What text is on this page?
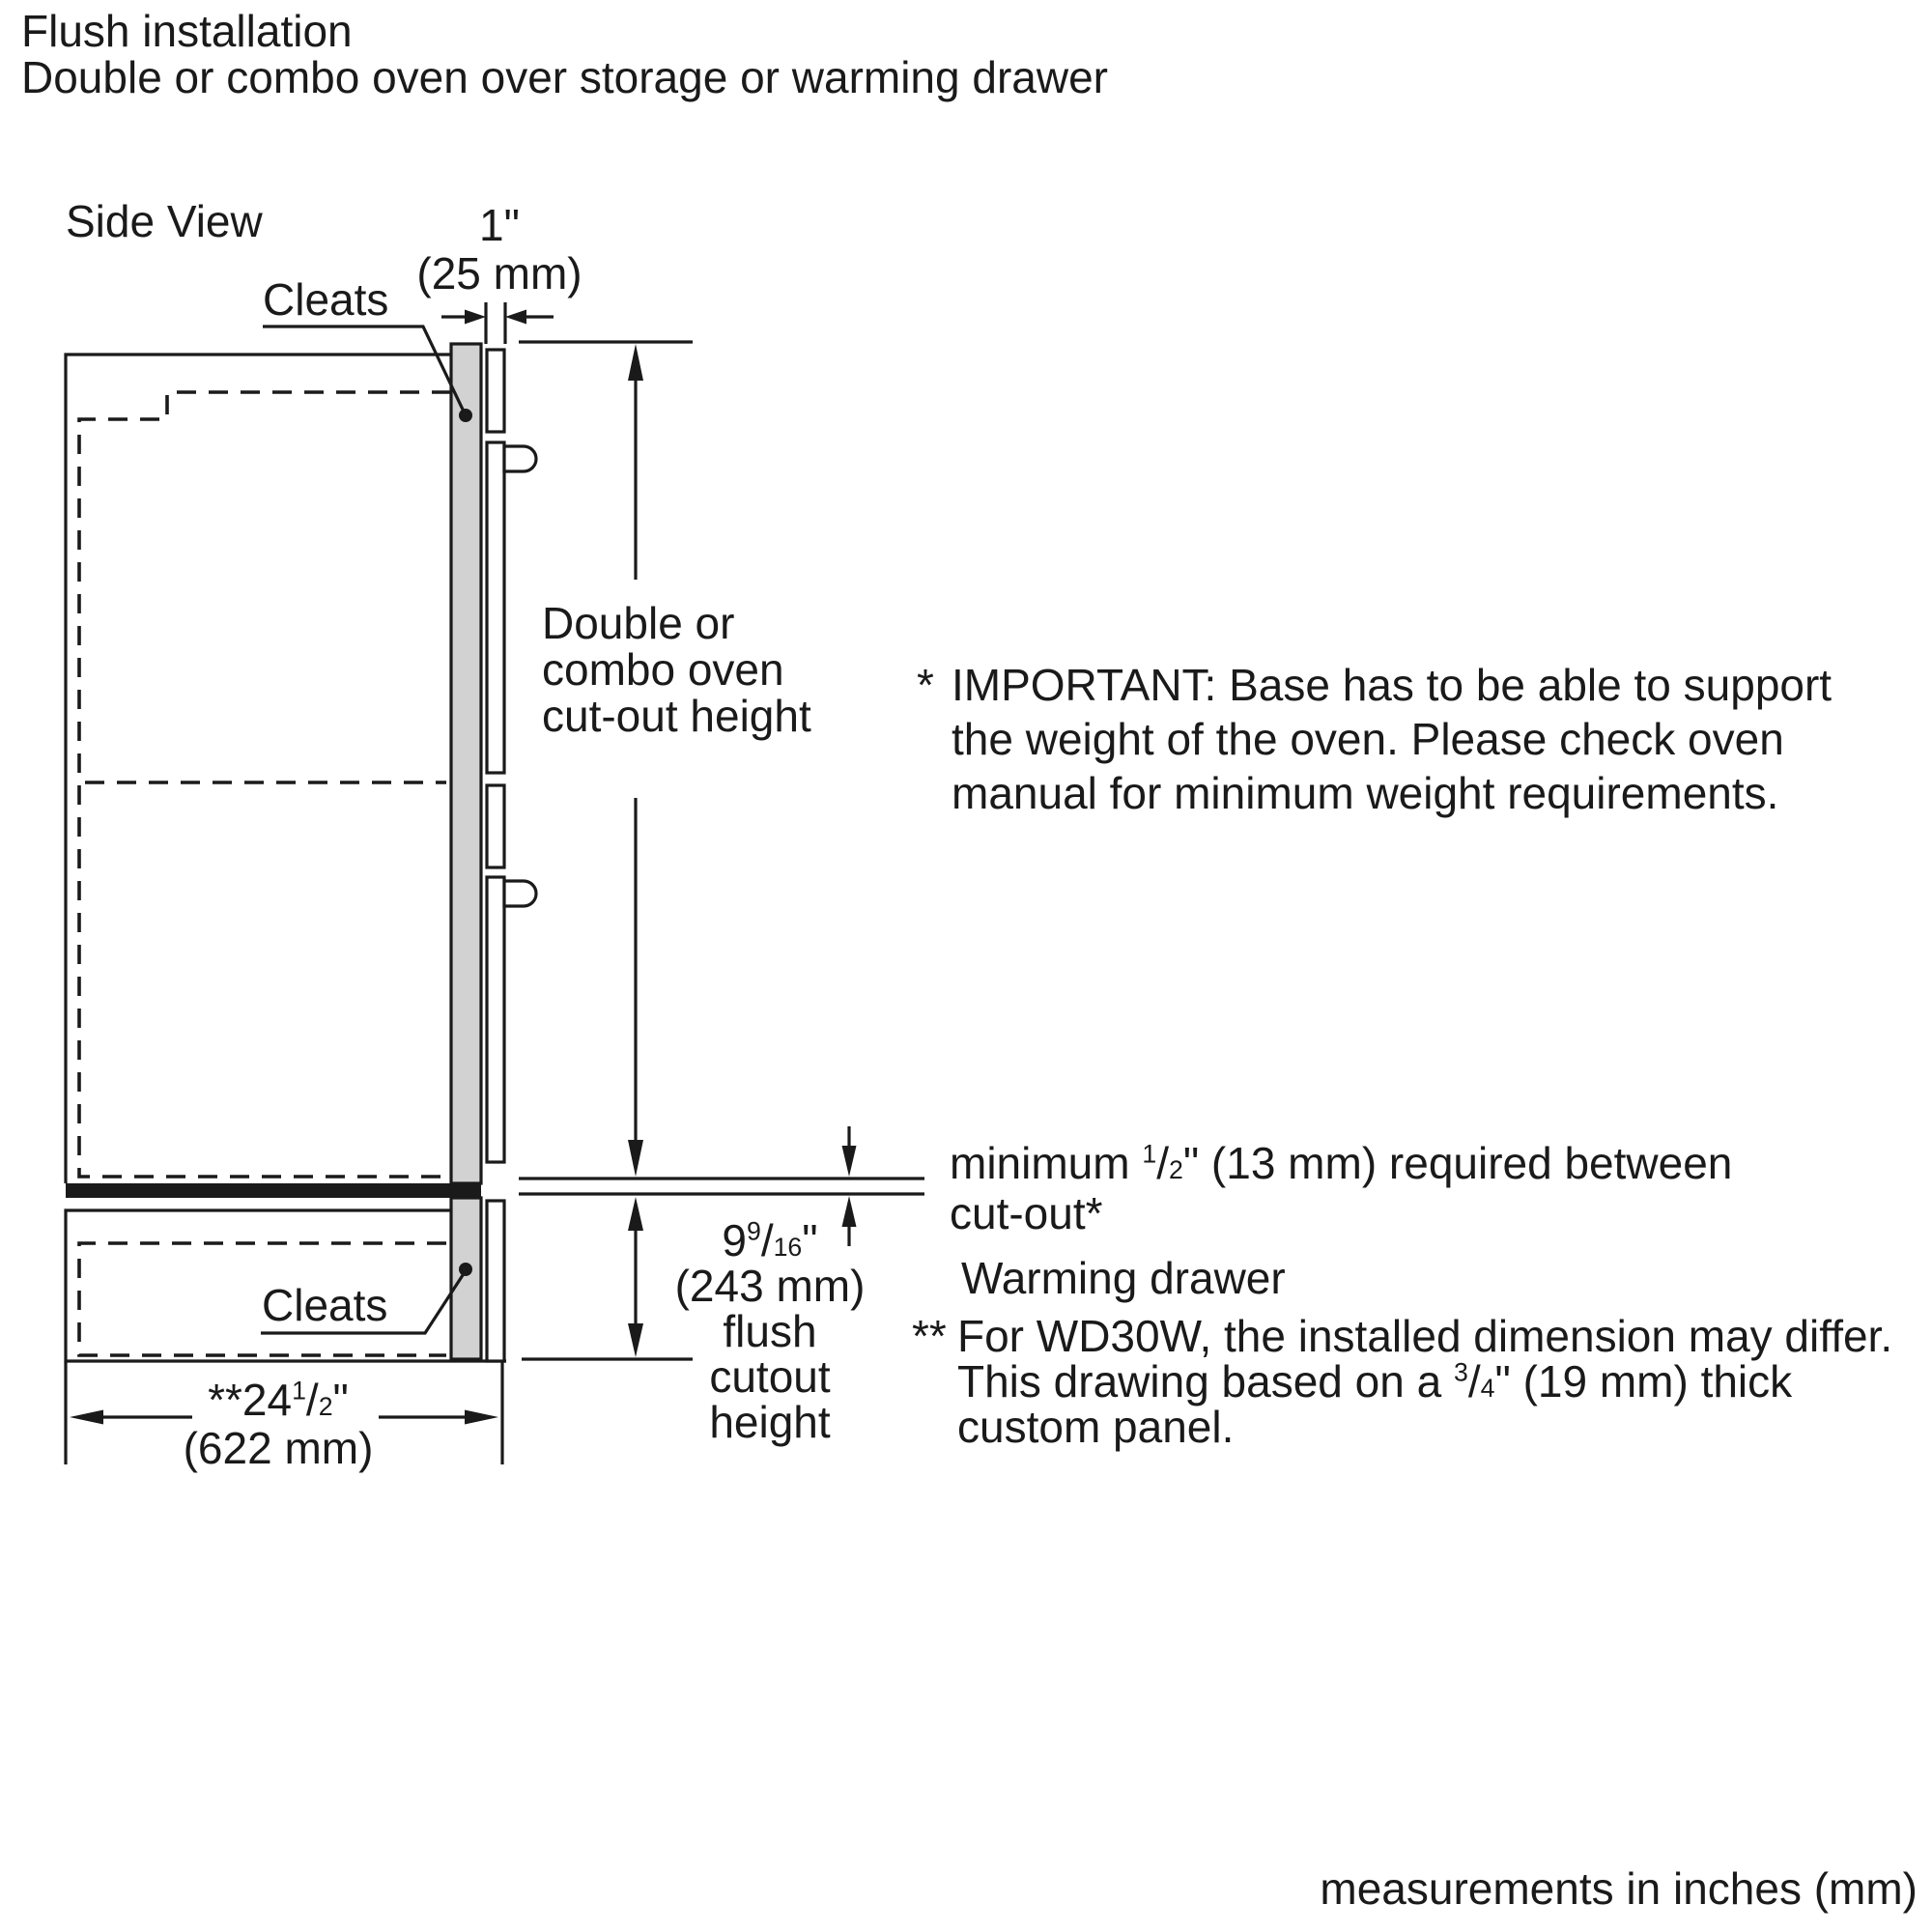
Flush installation
Double or combo oven over storage or warming drawer
Side View	1"
(25 mm)
Cleats
Double or
combo oven
cut-out height
* IMPORTANT: Base has to be able to support
the weight of the oven. Please check oven
manual for minimum weight requirements.
minimum $^1$/2" (13 mm) required between
cut-out*
Warming drawer
** For WD30W, the installed dimension may differ.
This drawing based on a $^3$/4" (19 mm) thick
custom panel.
$9^9/16$"
(243 mm)
flush
cutout
height
Cleats
$**24^1/2$"
(622 mm)
measurements in inches (mm)
